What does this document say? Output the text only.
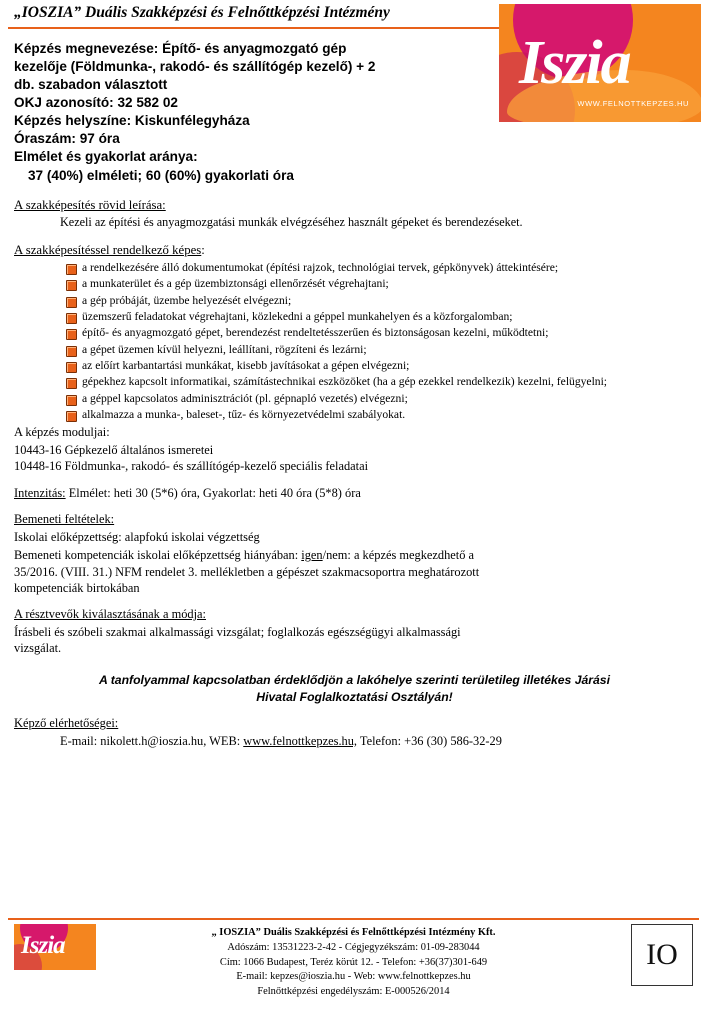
„IOSZIA” Duális Szakképzési és Felnőttképzési Intézmény
Iszia
WWW.FELNOTTKEPZES.HU
Képzés megnevezése: Építő- és anyagmozgató gép
kezelője (Földmunka-, rakodó- és szállítógép kezelő) + 2
db. szabadon választott
OKJ azonosító: 32 582 02
Képzés helyszíne: Kiskunfélegyháza
Óraszám: 97 óra
Elmélet és gyakorlat aránya:
37 (40%) elméleti; 60 (60%) gyakorlati óra
A szakképesítés rövid leírása:
Kezeli az építési és anyagmozgatási munkák elvégzéséhez használt gépeket és berendezéseket.
A szakképesítéssel rendelkező képes:
a rendelkezésére álló dokumentumokat (építési rajzok, technológiai tervek, gépkönyvek) áttekintésére;
a munkaterület és a gép üzembiztonsági ellenőrzését végrehajtani;
a gép próbáját, üzembe helyezését elvégezni;
üzemszerű feladatokat végrehajtani, közlekedni a géppel munkahelyen és a közforgalomban;
építő- és anyagmozgató gépet, berendezést rendeltetésszerűen és biztonságosan kezelni, működtetni;
a gépet üzemen kívül helyezni, leállítani, rögzíteni és lezárni;
az előírt karbantartási munkákat, kisebb javításokat a gépen elvégezni;
gépekhez kapcsolt informatikai, számítástechnikai eszközöket (ha a gép ezekkel rendelkezik) kezelni, felügyelni;
a géppel kapcsolatos adminisztrációt (pl. gépnapló vezetés) elvégezni;
alkalmazza a munka-, baleset-, tűz- és környezetvédelmi szabályokat.
A képzés moduljai:
10443-16 Gépkezelő általános ismeretei
10448-16 Földmunka-, rakodó- és szállítógép-kezelő speciális feladatai
Intenzitás: Elmélet: heti 30 (5*6) óra, Gyakorlat: heti 40 óra (5*8) óra
Bemeneti feltételek:
Iskolai előképzettség: alapfokú iskolai végzettség
Bemeneti kompetenciák iskolai előképzettség hiányában: igen/nem: a képzés megkezdhető a
35/2016. (VIII. 31.) NFM rendelet 3. mellékletben a gépészet szakmacsoportra meghatározott
kompetenciák birtokában
A résztvevők kiválasztásának a módja:
Írásbeli és szóbeli szakmai alkalmassági vizsgálat; foglalkozás egészségügyi alkalmassági
vizsgálat.
A tanfolyammal kapcsolatban érdeklődjön a lakóhelye szerinti területileg illetékes Járási
Hivatal Foglalkoztatási Osztályán!
Képző elérhetőségei:
E-mail: nikolett.h@ioszia.hu, WEB: www.felnottkepzes.hu, Telefon: +36 (30) 586-32-29
Iszia	„ IOSZIA” Duális Szakképzési és Felnőttképzési Intézmény Kft.
Adószám: 13531223-2-42 - Cégjegyzékszám: 01-09-283044
Cím: 1066 Budapest, Teréz körút 12. - Telefon: +36(37)301-649
E-mail: kepzes@ioszia.hu - Web: www.felnottkepzes.hu
Felnőttképzési engedélyszám: E-000526/2014
IO
